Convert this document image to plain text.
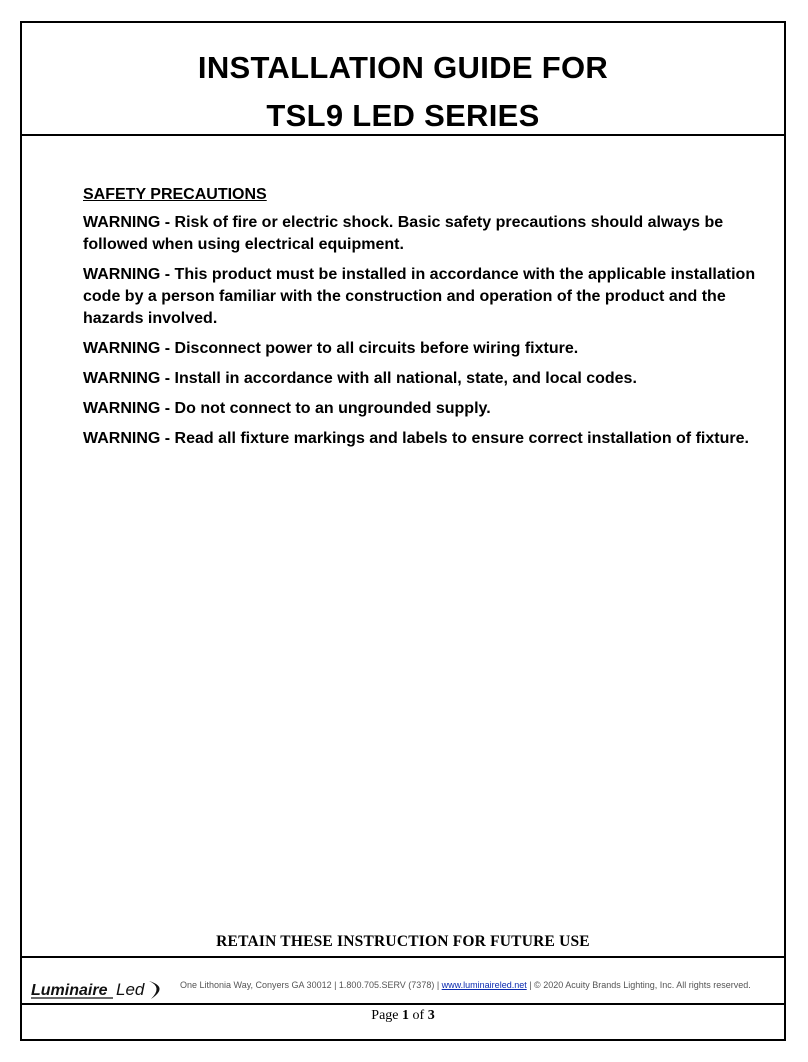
INSTALLATION GUIDE FOR
TSL9 LED SERIES
SAFETY PRECAUTIONS
WARNING - Risk of fire or electric shock. Basic safety precautions should always be followed when using electrical equipment.
WARNING - This product must be installed in accordance with the applicable installation code by a person familiar with the construction and operation of the product and the hazards involved.
WARNING - Disconnect power to all circuits before wiring fixture.
WARNING - Install in accordance with all national, state, and local codes.
WARNING - Do not connect to an ungrounded supply.
WARNING - Read all fixture markings and labels to ensure correct installation of fixture.
RETAIN THESE INSTRUCTION FOR FUTURE USE
Luminaire Led	One Lithonia Way, Conyers GA 30012 | 1.800.705.SERV (7378) | www.luminaireled.net | © 2020 Acuity Brands Lighting, Inc. All rights reserved.
Page 1 of 3
